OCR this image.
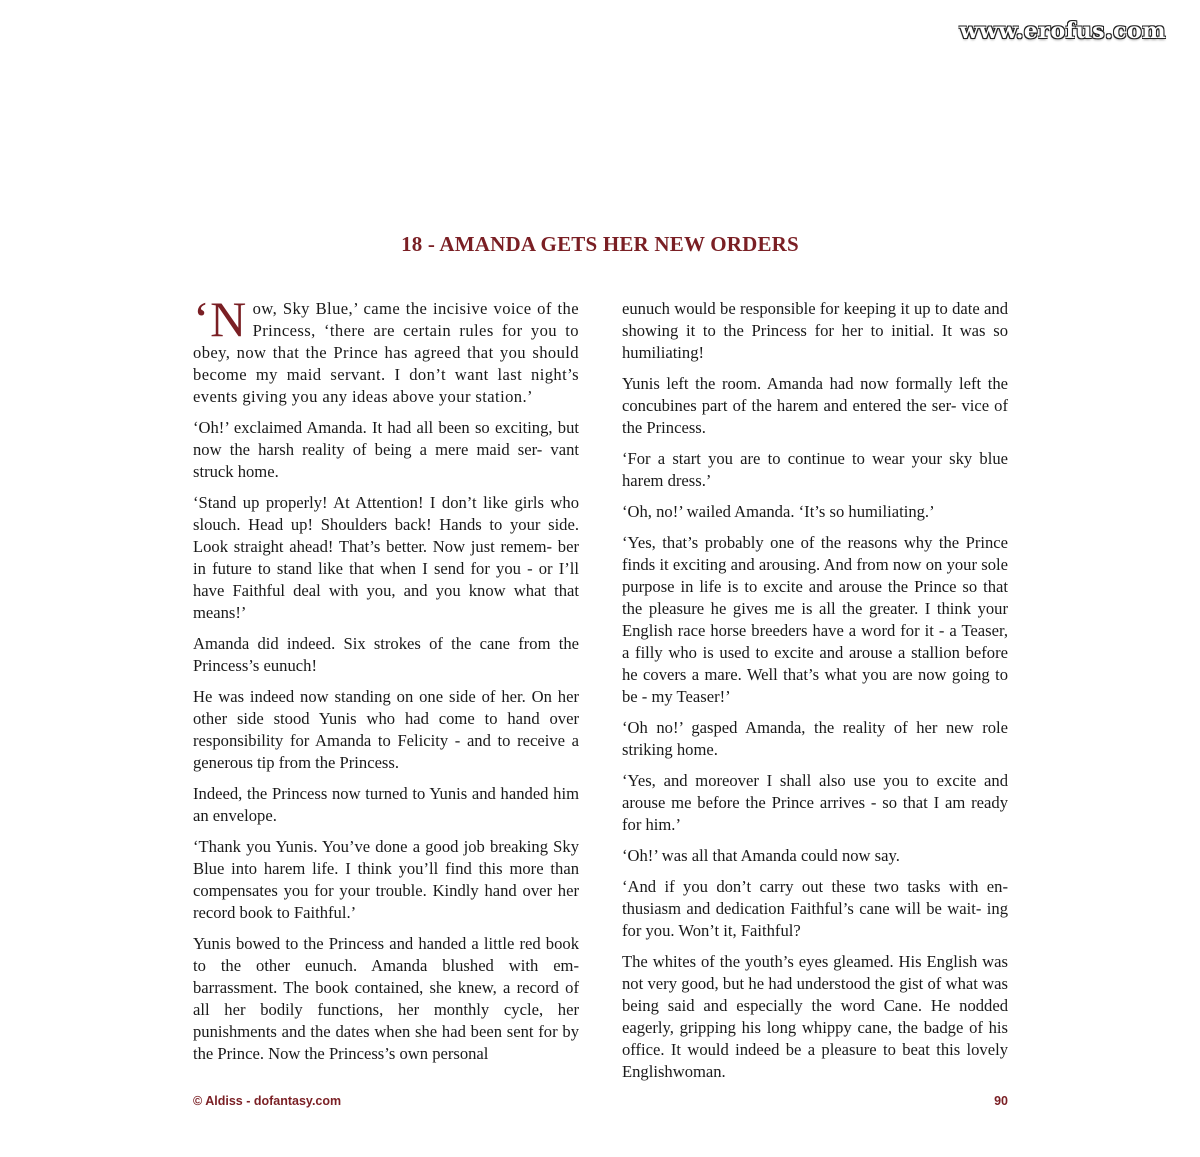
www.erofus.com
18 - AMANDA GETS HER NEW ORDERS

‘N ow, Sky Blue,’ came the incisive voice of the Princess, ‘there are certain rules for you to obey, now that the Prince has agreed that you should become my maid servant. I don’t want last night’s events giving you any ideas above your station.’

‘Oh!’ exclaimed Amanda. It had all been so exciting, but now the harsh reality of being a mere maid ser- vant struck home.

‘Stand up properly! At Attention! I don’t like girls who slouch. Head up! Shoulders back! Hands to your side. Look straight ahead! That’s better. Now just remem- ber in future to stand like that when I send for you - or I’ll have Faithful deal with you, and you know what that means!’

Amanda did indeed. Six strokes of the cane from the Princess’s eunuch!

He was indeed now standing on one side of her. On her other side stood Yunis who had come to hand over responsibility for Amanda to Felicity - and to receive a generous tip from the Princess.

Indeed, the Princess now turned to Yunis and handed him an envelope.

‘Thank you Yunis. You’ve done a good job breaking Sky Blue into harem life. I think you’ll find this more than compensates you for your trouble. Kindly hand over her record book to Faithful.’

Yunis bowed to the Princess and handed a little red book to the other eunuch. Amanda blushed with em- barrassment. The book contained, she knew, a record of all her bodily functions, her monthly cycle, her punishments and the dates when she had been sent for by the Prince. Now the Princess’s own personal

eunuch would be responsible for keeping it up to date and showing it to the Princess for her to initial. It was so humiliating!

Yunis left the room. Amanda had now formally left the concubines part of the harem and entered the ser- vice of the Princess.

‘For a start you are to continue to wear your sky blue harem dress.’

‘Oh, no!’ wailed Amanda. ‘It’s so humiliating.’

‘Yes, that’s probably one of the reasons why the Prince finds it exciting and arousing. And from now on your sole purpose in life is to excite and arouse the Prince so that the pleasure he gives me is all the greater. I think your English race horse breeders have a word for it - a Teaser, a filly who is used to excite and arouse a stallion before he covers a mare. Well that’s what you are now going to be - my Teaser!’

‘Oh no!’ gasped Amanda, the reality of her new role striking home.

‘Yes, and moreover I shall also use you to excite and arouse me before the Prince arrives - so that I am ready for him.’

‘Oh!’ was all that Amanda could now say.

‘And if you don’t carry out these two tasks with en- thusiasm and dedication Faithful’s cane will be wait- ing for you. Won’t it, Faithful?

The whites of the youth’s eyes gleamed. His English was not very good, but he had understood the gist of what was being said and especially the word Cane. He nodded eagerly, gripping his long whippy cane, the badge of his office. It would indeed be a pleasure to beat this lovely Englishwoman.

© Aldiss - dofantasy.com	90
